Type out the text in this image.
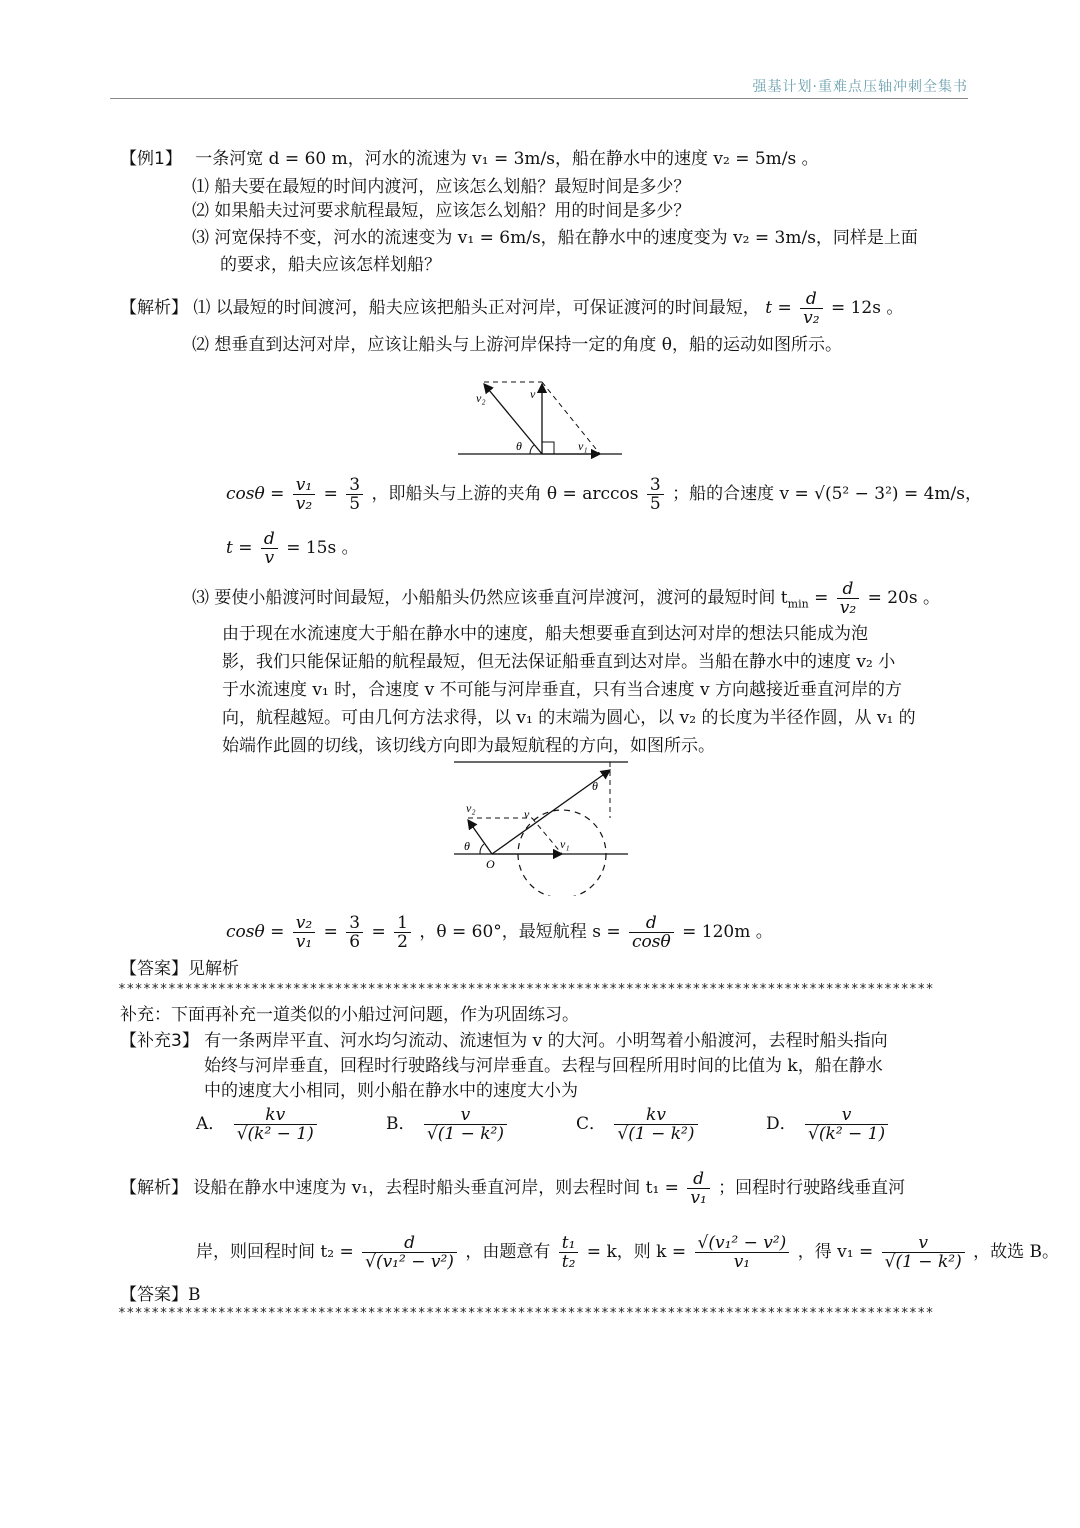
强基计划·重难点压轴冲刺全集书
【例1】 一条河宽 d = 60 m，河水的流速为 v₁ = 3m/s，船在静水中的速度 v₂ = 5m/s 。
⑴ 船夫要在最短的时间内渡河，应该怎么划船？最短时间是多少？
⑵ 如果船夫过河要求航程最短，应该怎么划船？用的时间是多少？
⑶ 河宽保持不变，河水的流速变为 v₁ = 6m/s，船在静水中的速度变为 v₂ = 3m/s，同样是上面
的要求，船夫应该怎样划船？
【解析】 ⑴ 以最短的时间渡河，船夫应该把船头正对河岸，可保证渡河的时间最短， $t = \frac{d}{\text{v₂}} = 12s$ 。
⑵ 想垂直到达河对岸，应该让船头与上游河岸保持一定的角度 θ，船的运动如图所示。
v₂	v
θ	v₁
$\cos\theta = \frac{\text{v₁}}{\text{v₂}} = \frac{3}{5}$ ，即船头与上游的夹角 $\theta = \arccos \frac{3}{5}$ ；船的合速度 v = √(5² − 3²) = 4m/s，
$t = \frac{d}{v} = 15s$ 。
⑶ 要使小船渡河时间最短，小船船头仍然应该垂直河岸渡河，渡河的最短时间 $t_{min} = \frac{d}{\text{v₂}} = 20s$ 。
由于现在水流速度大于船在静水中的速度，船夫想要垂直到达河对岸的想法只能成为泡
影，我们只能保证船的航程最短，但无法保证船垂直到达对岸。当船在静水中的速度 v₂ 小
于水流速度 v₁ 时，合速度 v 不可能与河岸垂直，只有当合速度 v 方向越接近垂直河岸的方
向，航程越短。可由几何方法求得，以 v₁ 的末端为圆心，以 v₂ 的长度为半径作圆，从 v₁ 的
始端作此圆的切线，该切线方向即为最短航程的方向，如图所示。
v₂	v
θ
θ
O
v₁
$\cos\theta = \frac{\text{v₂}}{\text{v₁}} = \frac{3}{6} = \frac{1}{2}$ ，θ = 60°，最短航程 $s = \frac{d}{\cos\theta} = 120m$ 。
【答案】见解析
**************************************************************************************************
补充：下面再补充一道类似的小船过河问题，作为巩固练习。
【补充3】 有一条两岸平直、河水均匀流动、流速恒为 v 的大河。小明驾着小船渡河，去程时船头指向
始终与河岸垂直，回程时行驶路线与河岸垂直。去程与回程所用时间的比值为 k，船在静水
中的速度大小相同，则小船在静水中的速度大小为
A． $\frac{kv}{\text{√(k² − 1)}}$	B． $\frac{v}{\text{√(1 − k²)}}$	C． $\frac{kv}{\text{√(1 − k²)}}$	D． $\frac{v}{\text{√(k² − 1)}}$
【解析】 设船在静水中速度为 v₁，去程时船头垂直河岸，则去程时间 $t_1 = \frac{d}{\text{v₁}}$ ；回程时行驶路线垂直河
岸，则回程时间 $t_2 = \frac{d}{\text{√(v₁² − v²)}}$ ，由题意有 $\frac{\text{t₁}}{\text{t₂}} = k$，则 $k = \frac{\text{√(v₁² − v²)}}{\text{v₁}}$ ，得 $v_1 = \frac{v}{\text{√(1 − k²)}}$ ，故选 B。
【答案】B
**************************************************************************************************
